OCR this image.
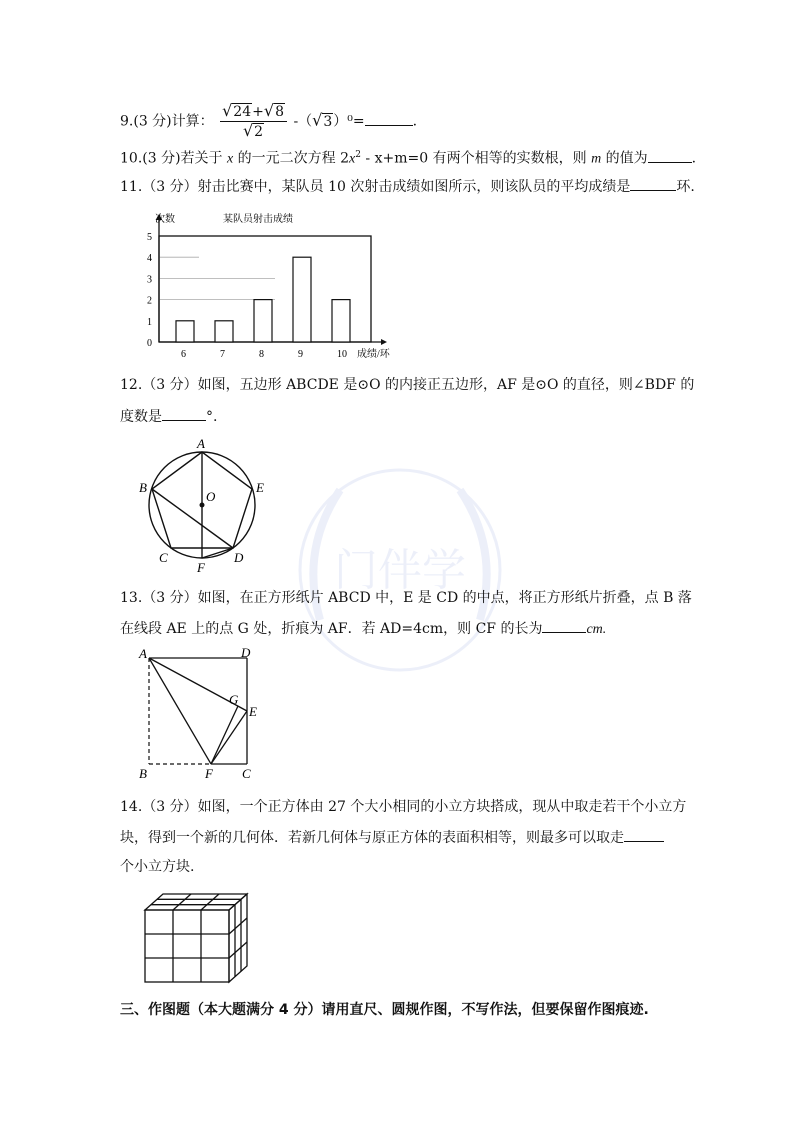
门伴学
9.(3 分)计算： $\frac{√24+√8}{√2} -(√3)^0=$	.
10.(3 分)若关于 x 的一元二次方程 $2x^2 - x+m=0$ 有两个相等的实数根，则 m 的值为	.
11.（3 分）射击比赛中，某队员 10 次射击成绩如图所示，则该队员的平均成绩是	环.
0
1
2
3
4
5
6	7	8	9	10
次数	某队员射击成绩
成绩/环
12.（3 分）如图，五边形 ABCDE 是⊙O 的内接正五边形，AF 是⊙O 的直径，则∠BDF 的
度数是	°.
A
B
C	D
E
F
O
13.（3 分）如图，在正方形纸片 ABCD 中，E 是 CD 的中点，将正方形纸片折叠，点 B 落
在线段 AE 上的点 G 处，折痕为 AF．若 AD=4cm，则 CF 的长为	cm.
A
B	C
D
E
F
G
14.（3 分）如图，一个正方体由 27 个大小相同的小立方块搭成，现从中取走若干个小立方
块，得到一个新的几何体．若新几何体与原正方体的表面积相等，则最多可以取走
个小立方块.
三、作图题（本大题满分 4 分）请用直尺、圆规作图，不写作法，但要保留作图痕迹.
